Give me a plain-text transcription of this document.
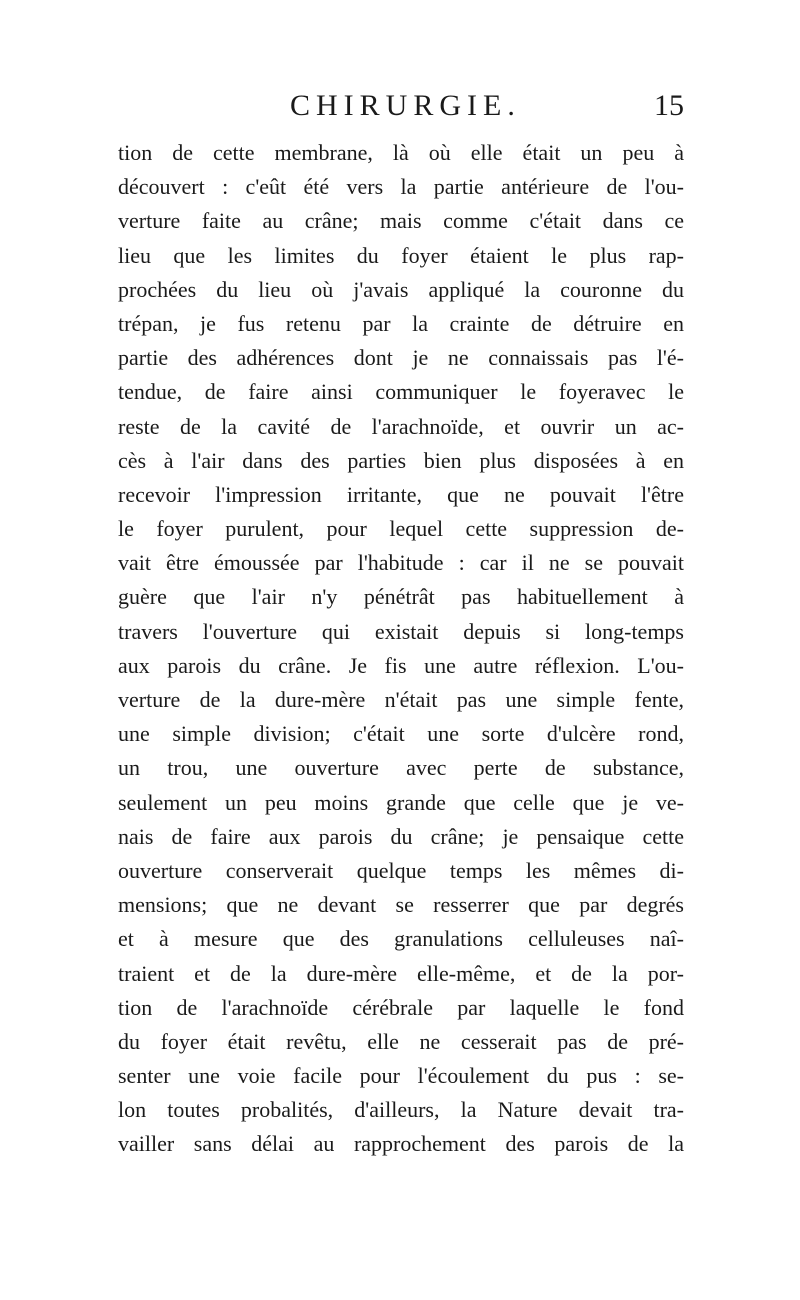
CHIRURGIE.	15
tion de cette membrane, là où elle était un peu à
découvert : c'eût été vers la partie antérieure de l'ou-
verture faite au crâne; mais comme c'était dans ce
lieu que les limites du foyer étaient le plus rap-
prochées du lieu où j'avais appliqué la couronne du
trépan, je fus retenu par la crainte de détruire en
partie des adhérences dont je ne connaissais pas l'é-
tendue, de faire ainsi communiquer le foyeravec le
reste de la cavité de l'arachnoïde, et ouvrir un ac-
cès à l'air dans des parties bien plus disposées à en
recevoir l'impression irritante, que ne pouvait l'être
le foyer purulent, pour lequel cette suppression de-
vait être émoussée par l'habitude : car il ne se pouvait
guère que l'air n'y pénétrât pas habituellement à
travers l'ouverture qui existait depuis si long-temps
aux parois du crâne. Je fis une autre réflexion. L'ou-
verture de la dure-mère n'était pas une simple fente,
une simple division; c'était une sorte d'ulcère rond,
un trou, une ouverture avec perte de substance,
seulement un peu moins grande que celle que je ve-
nais de faire aux parois du crâne; je pensaique cette
ouverture conserverait quelque temps les mêmes di-
mensions; que ne devant se resserrer que par degrés
et à mesure que des granulations celluleuses naî-
traient et de la dure-mère elle-même, et de la por-
tion de l'arachnoïde cérébrale par laquelle le fond
du foyer était revêtu, elle ne cesserait pas de pré-
senter une voie facile pour l'écoulement du pus : se-
lon toutes probalités, d'ailleurs, la Nature devait tra-
vailler sans délai au rapprochement des parois de la
